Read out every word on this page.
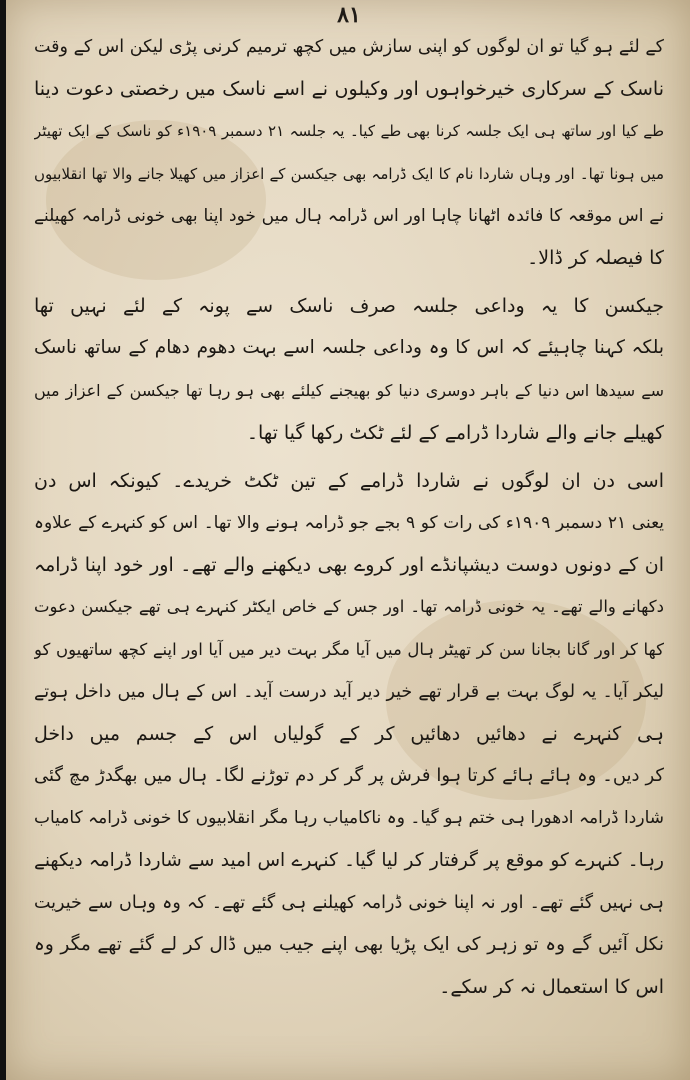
۸۱
کے لئے ہو گیا تو ان لوگوں کو اپنی سازش میں کچھ ترمیم کرنی پڑی لیکن اس کے وقت
ناسک کے سرکاری خیرخواہوں اور وکیلوں نے اسے ناسک میں رخصتی دعوت دینا
طے کیا اور ساتھ ہی ایک جلسہ کرنا بھی طے کیا۔ یہ جلسہ ۲۱ دسمبر ۱۹۰۹ء کو ناسک کے ایک تھیٹر
میں ہونا تھا۔ اور وہاں شاردا نام کا ایک ڈرامہ بھی جیکسن کے اعزاز میں کھیلا جانے والا تھا انقلابیوں
نے اس موقعہ کا فائدہ اٹھانا چاہا اور اس ڈرامہ ہال میں خود اپنا بھی خونی ڈرامہ کھیلنے
کا فیصلہ کر ڈالا۔
جیکسن کا یہ وداعی جلسہ صرف ناسک سے پونہ کے لئے نہیں تھا
بلکہ کہنا چاہیئے کہ اس کا وہ وداعی جلسہ اسے بہت دھوم دھام کے ساتھ ناسک
سے سیدھا اس دنیا کے باہر دوسری دنیا کو بھیجنے کیلئے بھی ہو رہا تھا جیکسن کے اعزاز میں
کھیلے جانے والے شاردا ڈرامے کے لئے ٹکٹ رکھا گیا تھا۔
اسی دن ان لوگوں نے شاردا ڈرامے کے تین ٹکٹ خریدے۔ کیونکہ اس دن
یعنی ۲۱ دسمبر ۱۹۰۹ء کی رات کو ۹ بجے جو ڈرامہ ہونے والا تھا۔ اس کو کنہرے کے علاوہ
ان کے دونوں دوست دیشپانڈے اور کروے بھی دیکھنے والے تھے۔ اور خود اپنا ڈرامہ
دکھانے والے تھے۔ یہ خونی ڈرامہ تھا۔ اور جس کے خاص ایکٹر کنہرے ہی تھے جیکسن دعوت
کھا کر اور گانا بجانا سن کر تھیٹر ہال میں آیا مگر بہت دیر میں آیا اور اپنے کچھ ساتھیوں کو
لیکر آیا۔ یہ لوگ بہت بے قرار تھے خیر دیر آید درست آید۔ اس کے ہال میں داخل ہوتے
ہی کنہرے نے دھائیں دھائیں کر کے گولیاں اس کے جسم میں داخل
کر دیں۔ وہ ہائے ہائے کرتا ہوا فرش پر گر کر دم توڑنے لگا۔ ہال میں بھگدڑ مچ گئی
شاردا ڈرامہ ادھورا ہی ختم ہو گیا۔ وہ ناکامیاب رہا مگر انقلابیوں کا خونی ڈرامہ کامیاب
رہا۔ کنہرے کو موقع پر گرفتار کر لیا گیا۔ کنہرے اس امید سے شاردا ڈرامہ دیکھنے
ہی نہیں گئے تھے۔ اور نہ اپنا خونی ڈرامہ کھیلنے ہی گئے تھے۔ کہ وہ وہاں سے خیریت
نکل آئیں گے وہ تو زہر کی ایک پڑیا بھی اپنے جیب میں ڈال کر لے گئے تھے مگر وہ
اس کا استعمال نہ کر سکے۔
